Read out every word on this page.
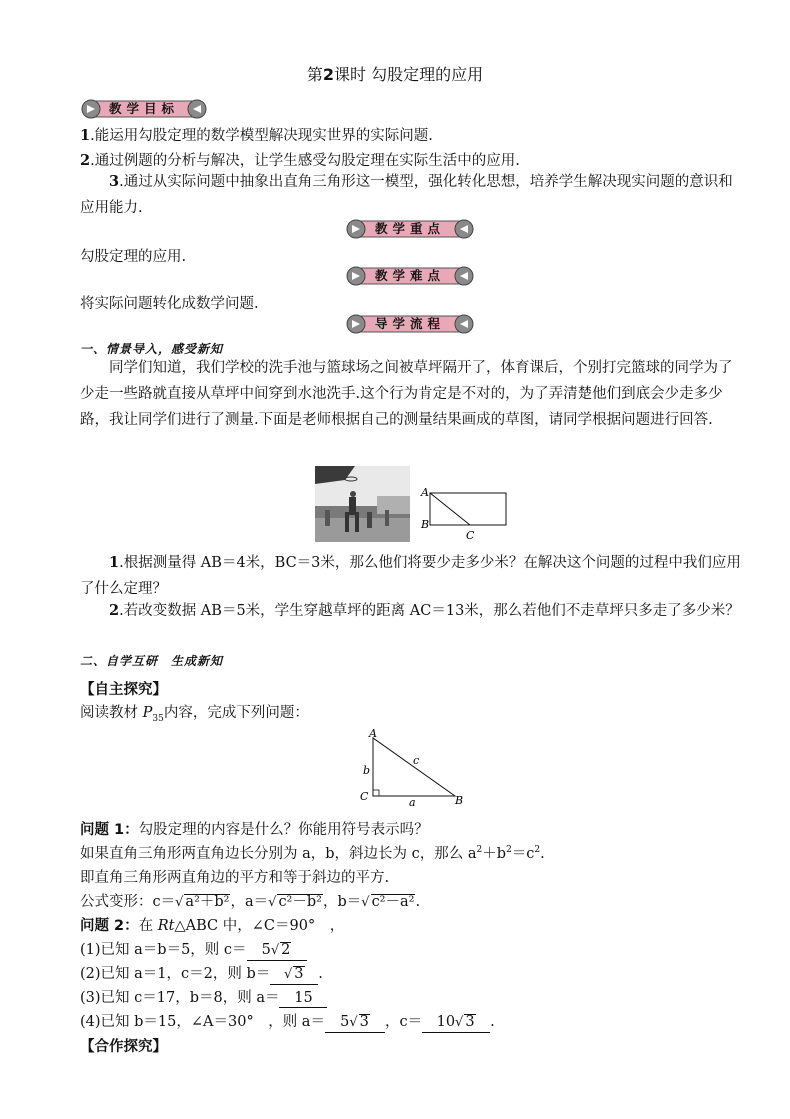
第2课时 勾股定理的应用
教学目标
1.能运用勾股定理的数学模型解决现实世界的实际问题.
2.通过例题的分析与解决，让学生感受勾股定理在实际生活中的应用.
3.通过从实际问题中抽象出直角三角形这一模型，强化转化思想，培养学生解决现实问题的意识和应用能力.
教学重点
勾股定理的应用.
教学难点
将实际问题转化成数学问题.
导学流程
一、情景导入，感受新知
同学们知道，我们学校的洗手池与篮球场之间被草坪隔开了，体育课后，个别打完篮球的同学为了少走一些路就直接从草坪中间穿到水池洗手.这个行为肯定是不对的，为了弄清楚他们到底会少走多少路，我让同学们进行了测量.下面是老师根据自己的测量结果画成的草图，请同学根据问题进行回答.
A
B
C
1.根据测量得 AB＝4米，BC＝3米，那么他们将要少走多少米？在解决这个问题的过程中我们应用了什么定理？
2.若改变数据 AB＝5米，学生穿越草坪的距离 AC＝13米，那么若他们不走草坪只多走了多少米？
二、自学互研　生成新知
【自主探究】
阅读教材 $P_{35}$内容，完成下列问题：
A
C	B
b
c
a
问题 1：勾股定理的内容是什么？你能用符号表示吗？
如果直角三角形两直角边长分别为 a，b，斜边长为 c，那么 $a^2+b^2=c^2$.
即直角三角形两直角边的平方和等于斜边的平方.
公式变形：c＝√ a²＋b²，a＝√ c²－b²，b＝√ c²－a².
问题 2：在 Rt△ABC 中，∠C＝90°　，
(1)已知 a＝b＝5，则 c＝ 5√ 2
(2)已知 a＝1，c＝2，则 b＝ √ 3 .
(3)已知 c＝17，b＝8，则 a＝ 15
(4)已知 b＝15，∠A＝30°　，则 a＝ 5√ 3 ，c＝ 10√ 3 .
【合作探究】
